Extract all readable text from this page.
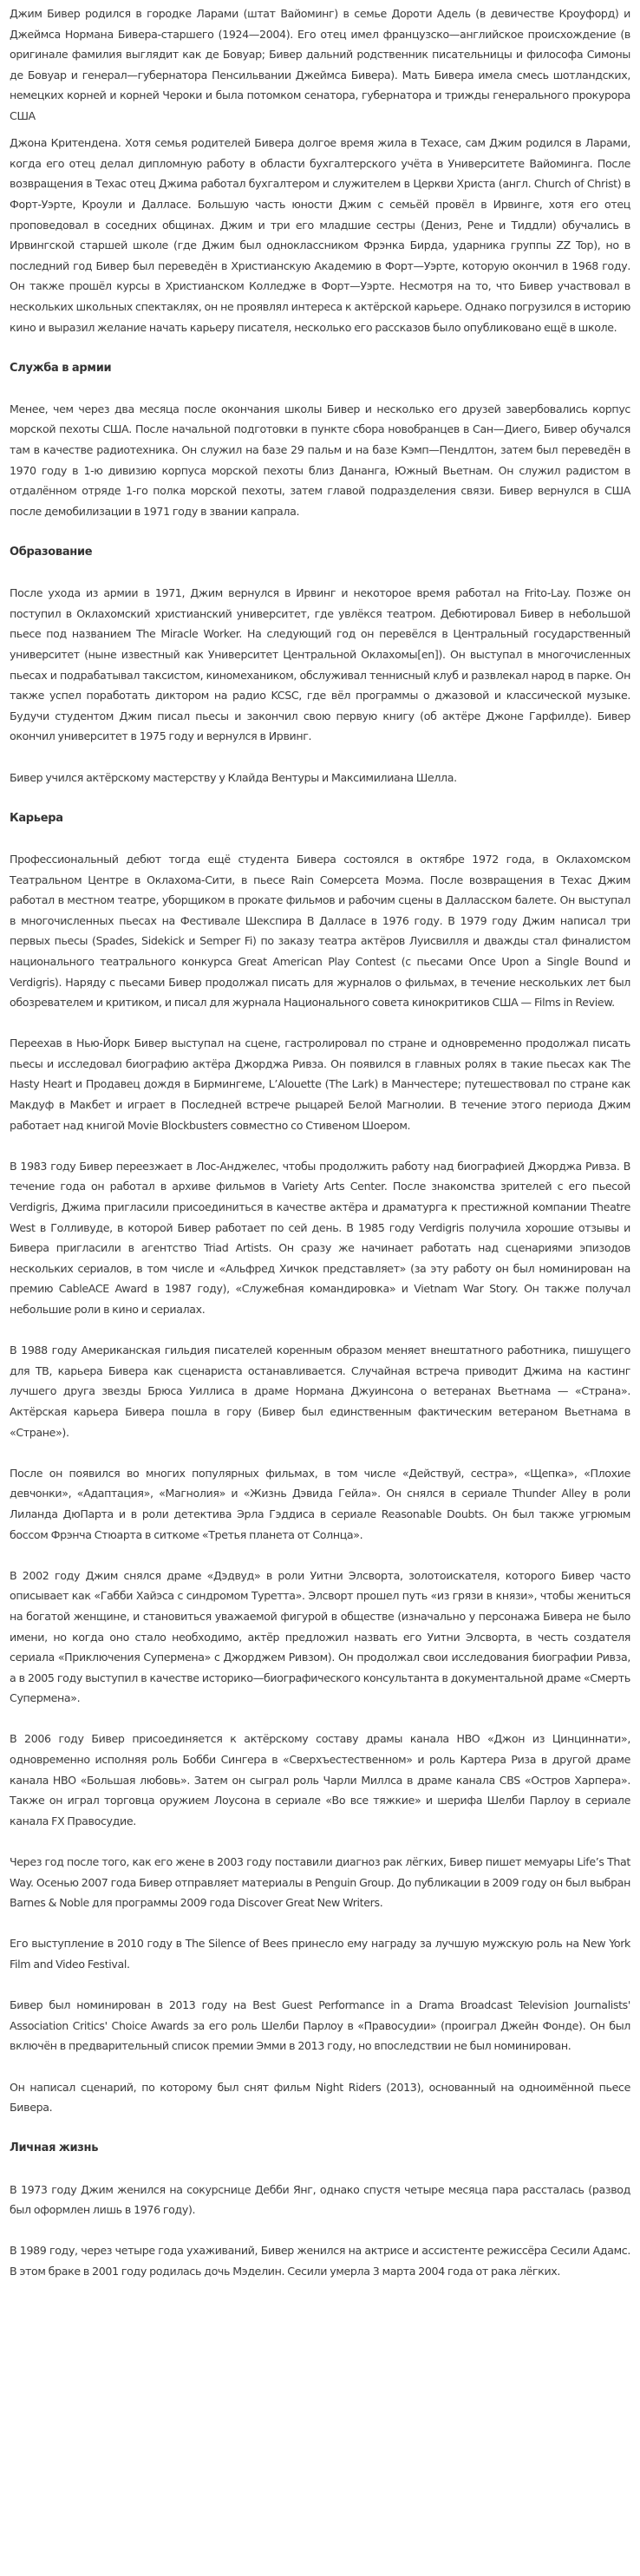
Джим Бивер родился в городке Ларами (штат Вайоминг) в семье Дороти Адель (в девичестве Кроуфорд) и Джеймса Нормана Бивера-старшего (1924—2004). Его отец имел французско—английское происхождение (в оригинале фамилия выглядит как де Бовуар; Бивер дальний родственник писательницы и философа Симоны де Бовуар и генерал—губернатора Пенсильвании Джеймса Бивера). Мать Бивера имела смесь шотландских, немецких корней и корней Чероки и была потомком сенатора, губернатора и трижды генерального прокурора США

Джона Критендена. Хотя семья родителей Бивера долгое время жила в Техасе, сам Джим родился в Ларами, когда его отец делал дипломную работу в области бухгалтерского учёта в Университете Вайоминга. После возвращения в Техас отец Джима работал бухгалтером и служителем в Церкви Христа (англ. Church of Christ) в Форт-Уэрте, Кроули и Далласе. Большую часть юности Джим с семьёй провёл в Ирвинге, хотя его отец проповедовал в соседних общинах. Джим и три его младшие сестры (Дениз, Рене и Тиддли) обучались в Ирвингской старшей школе (где Джим был одноклассником Фрэнка Бирда, ударника группы ZZ Top), но в последний год Бивер был переведён в Христианскую Академию в Форт—Уэрте, которую окончил в 1968 году. Он также прошёл курсы в Христианском Колледже в Форт—Уэрте. Несмотря на то, что Бивер участвовал в нескольких школьных спектаклях, он не проявлял интереса к актёрской карьере. Однако погрузился в историю кино и выразил желание начать карьеру писателя, несколько его рассказов было опубликовано ещё в школе.

Служба в армии

Менее, чем через два месяца после окончания школы Бивер и несколько его друзей завербовались корпус морской пехоты США. После начальной подготовки в пункте сбора новобранцев в Сан—Диего, Бивер обучался там в качестве радиотехника. Он служил на базе 29 пальм и на базе Кэмп—Пендлтон, затем был переведён в 1970 году в 1-ю дивизию корпуса морской пехоты близ Дананга, Южный Вьетнам. Он служил радистом в отдалённом отряде 1-го полка морской пехоты, затем главой подразделения связи. Бивер вернулся в США после демобилизации в 1971 году в звании капрала.

Образование

После ухода из армии в 1971, Джим вернулся в Ирвинг и некоторое время работал на Frito-Lay. Позже он поступил в Оклахомский христианский университет, где увлёкся театром. Дебютировал Бивер в небольшой пьесе под названием The Miracle Worker. На следующий год он перевёлся в Центральный государственный университет (ныне известный как Университет Центральной Оклахомы[en]). Он выступал в многочисленных пьесах и подрабатывал таксистом, киномехаником, обслуживал теннисный клуб и развлекал народ в парке. Он также успел поработать диктором на радио KCSC, где вёл программы о джазовой и классической музыке. Будучи студентом Джим писал пьесы и закончил свою первую книгу (об актёре Джоне Гарфилде). Бивер окончил университет в 1975 году и вернулся в Ирвинг.

Бивер учился актёрскому мастерству у Клайда Вентуры и Максимилиана Шелла.

Карьера

Профессиональный дебют тогда ещё студента Бивера состоялся в октябре 1972 года, в Оклахомском Театральном Центре в Оклахома-Сити, в пьесе Rain Сомерсета Моэма. После возвращения в Техас Джим работал в местном театре, уборщиком в прокате фильмов и рабочим сцены в Далласском балете. Он выступал в многочисленных пьесах на Фестивале Шекспира В Далласе в 1976 году. В 1979 году Джим написал три первых пьесы (Spades, Sidekick и Semper Fi) по заказу театра актёров Луисвилля и дважды стал финалистом национального театрального конкурса Great American Play Contest (с пьесами Once Upon a Single Bound и Verdigris). Наряду с пьесами Бивер продолжал писать для журналов о фильмах, в течение нескольких лет был обозревателем и критиком, и писал для журнала Национального совета кинокритиков США — Films in Review.

Переехав в Нью-Йорк Бивер выступал на сцене, гастролировал по стране и одновременно продолжал писать пьесы и исследовал биографию актёра Джорджа Ривза. Он появился в главных ролях в такие пьесах как The Hasty Heart и Продавец дождя в Бирмингеме, L’Alouette (The Lark) в Манчестере; путешествовал по стране как Макдуф в Макбет и играет в Последней встрече рыцарей Белой Магнолии. В течение этого периода Джим работает над книгой Movie Blockbusters совместно со Стивеном Шоером.

В 1983 году Бивер переезжает в Лос-Анджелес, чтобы продолжить работу над биографией Джорджа Ривза. В течение года он работал в архиве фильмов в Variety Arts Center. После знакомства зрителей с его пьесой Verdigris, Джима пригласили присоединиться в качестве актёра и драматурга к престижной компании Theatre West в Голливуде, в которой Бивер работает по сей день. В 1985 году Verdigris получила хорошие отзывы и Бивера пригласили в агентство Triad Artists. Он сразу же начинает работать над сценариями эпизодов нескольких сериалов, в том числе и «Альфред Хичкок представляет» (за эту работу он был номинирован на премию CableACE Award в 1987 году), «Служебная командировка» и Vietnam War Story. Он также получал небольшие роли в кино и сериалах.

В 1988 году Американская гильдия писателей коренным образом меняет внештатного работника, пишущего для ТВ, карьера Бивера как сценариста останавливается. Случайная встреча приводит Джима на кастинг лучшего друга звезды Брюса Уиллиса в драме Нормана Джуинсона о ветеранах Вьетнама — «Страна». Актёрская карьера Бивера пошла в гору (Бивер был единственным фактическим ветераном Вьетнама в «Стране»).

После он появился во многих популярных фильмах, в том числе «Действуй, сестра», «Щепка», «Плохие девчонки», «Адаптация», «Магнолия» и «Жизнь Дэвида Гейла». Он снялся в сериале Thunder Alley в роли Лиланда ДюПарта и в роли детектива Эрла Гэддиса в сериале Reasonable Doubts. Он был также угрюмым боссом Фрэнча Стюарта в ситкоме «Третья планета от Солнца».

В 2002 году Джим снялся драме «Дэдвуд» в роли Уитни Элсворта, золотоискателя, которого Бивер часто описывает как «Габби Хайэса с синдромом Туретта». Элсворт прошел путь «из грязи в князи», чтобы жениться на богатой женщине, и становиться уважаемой фигурой в обществе (изначально у персонажа Бивера не было имени, но когда оно стало необходимо, актёр предложил назвать его Уитни Элсворта, в честь создателя сериала «Приключения Супермена» с Джорджем Ривзом). Он продолжал свои исследования биографии Ривза, а в 2005 году выступил в качестве историко—биографического консультанта в документальной драме «Смерть Супермена».

В 2006 году Бивер присоединяется к актёрскому составу драмы канала HBO «Джон из Цинциннати», одновременно исполняя роль Бобби Сингера в «Сверхъестественном» и роль Картера Риза в другой драме канала HBO «Большая любовь». Затем он сыграл роль Чарли Миллса в драме канала CBS «Остров Харпера». Также он играл торговца оружием Лоусона в сериале «Во все тяжкие» и шерифа Шелби Парлоу в сериале канала FX Правосудие.

Через год после того, как его жене в 2003 году поставили диагноз рак лёгких, Бивер пишет мемуары Life’s That Way. Осенью 2007 года Бивер отправляет материалы в Penguin Group. До публикации в 2009 году он был выбран Barnes & Noble для программы 2009 года Discover Great New Writers.

Его выступление в 2010 году в The Silence of Bees принесло ему награду за лучшую мужскую роль на New York Film and Video Festival.

Бивер был номинирован в 2013 году на Best Guest Performance in a Drama Broadcast Television Journalists' Association Critics' Choice Awards за его роль Шелби Парлоу в «Правосудии» (проиграл Джейн Фонде). Он был включён в предварительный список премии Эмми в 2013 году, но впоследствии не был номинирован.

Он написал сценарий, по которому был снят фильм Night Riders (2013), основанный на одноимённой пьесе Бивера.

Личная жизнь

В 1973 году Джим женился на сокурснице Дебби Янг, однако спустя четыре месяца пара рассталась (развод был оформлен лишь в 1976 году).

В 1989 году, через четыре года ухаживаний, Бивер женился на актрисе и ассистенте режиссёра Сесили Адамс. В этом браке в 2001 году родилась дочь Мэделин. Сесили умерла 3 марта 2004 года от рака лёгких.
